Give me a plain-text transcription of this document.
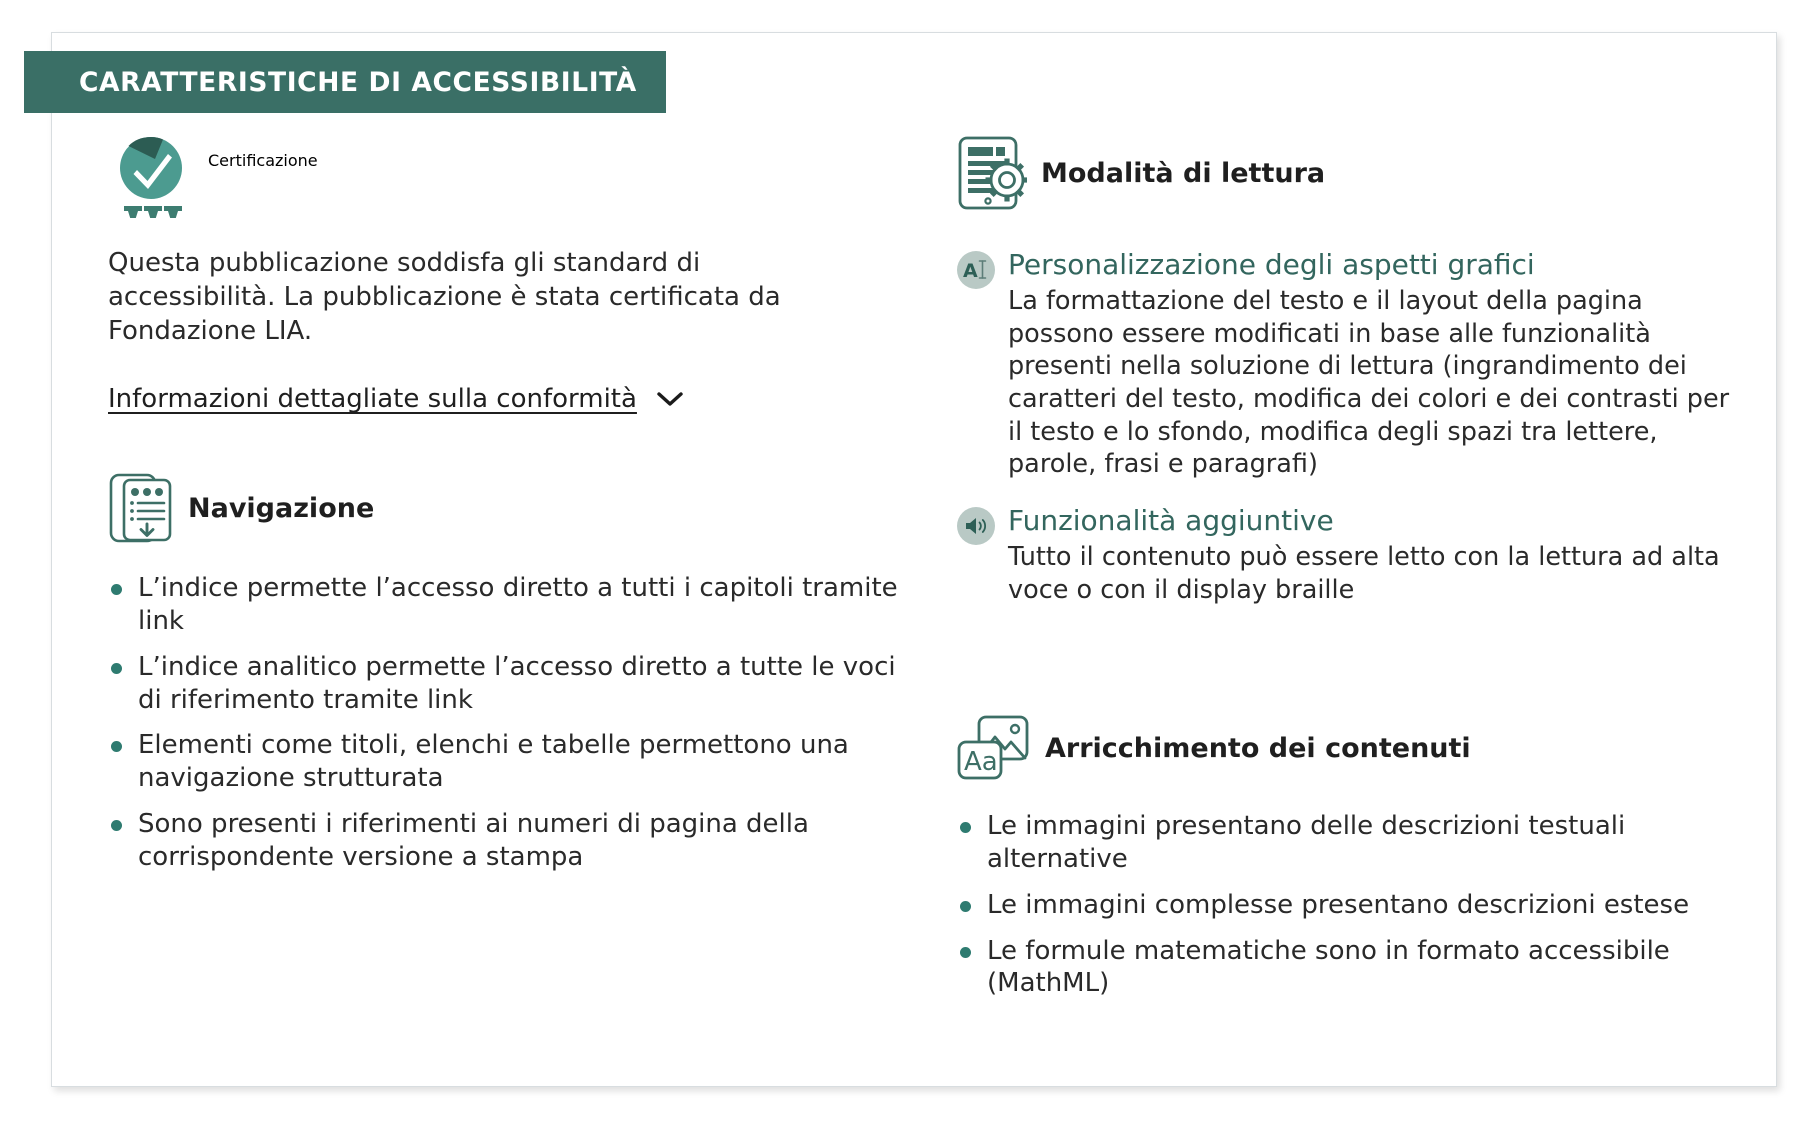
CARATTERISTICHE DI ACCESSIBILITÀ
Certificazione
Questa pubblicazione soddisfa gli standard di accessibilità. La pubblicazione è stata certificata da Fondazione LIA.
Informazioni dettagliate sulla conformità
Navigazione
L’indice permette l’accesso diretto a tutti i capitoli tramite link
L’indice analitico permette l’accesso diretto a tutte le voci di riferimento tramite link
Elementi come titoli, elenchi e tabelle permettono una navigazione strutturata
Sono presenti i riferimenti ai numeri di pagina della corrispondente versione a stampa
Modalità di lettura
A Personalizzazione degli aspetti grafici
La formattazione del testo e il layout della pagina possono essere modificati in base alle funzionalità presenti nella soluzione di lettura (ingrandimento dei caratteri del testo, modifica dei colori e dei contrasti per il testo e lo sfondo, modifica degli spazi tra lettere, parole, frasi e paragrafi)
Funzionalità aggiuntive
Tutto il contenuto può essere letto con la lettura ad alta voce o con il display braille
Aa Arricchimento dei contenuti
Le immagini presentano delle descrizioni testuali alternative
Le immagini complesse presentano descrizioni estese
Le formule matematiche sono in formato accessibile (MathML)
